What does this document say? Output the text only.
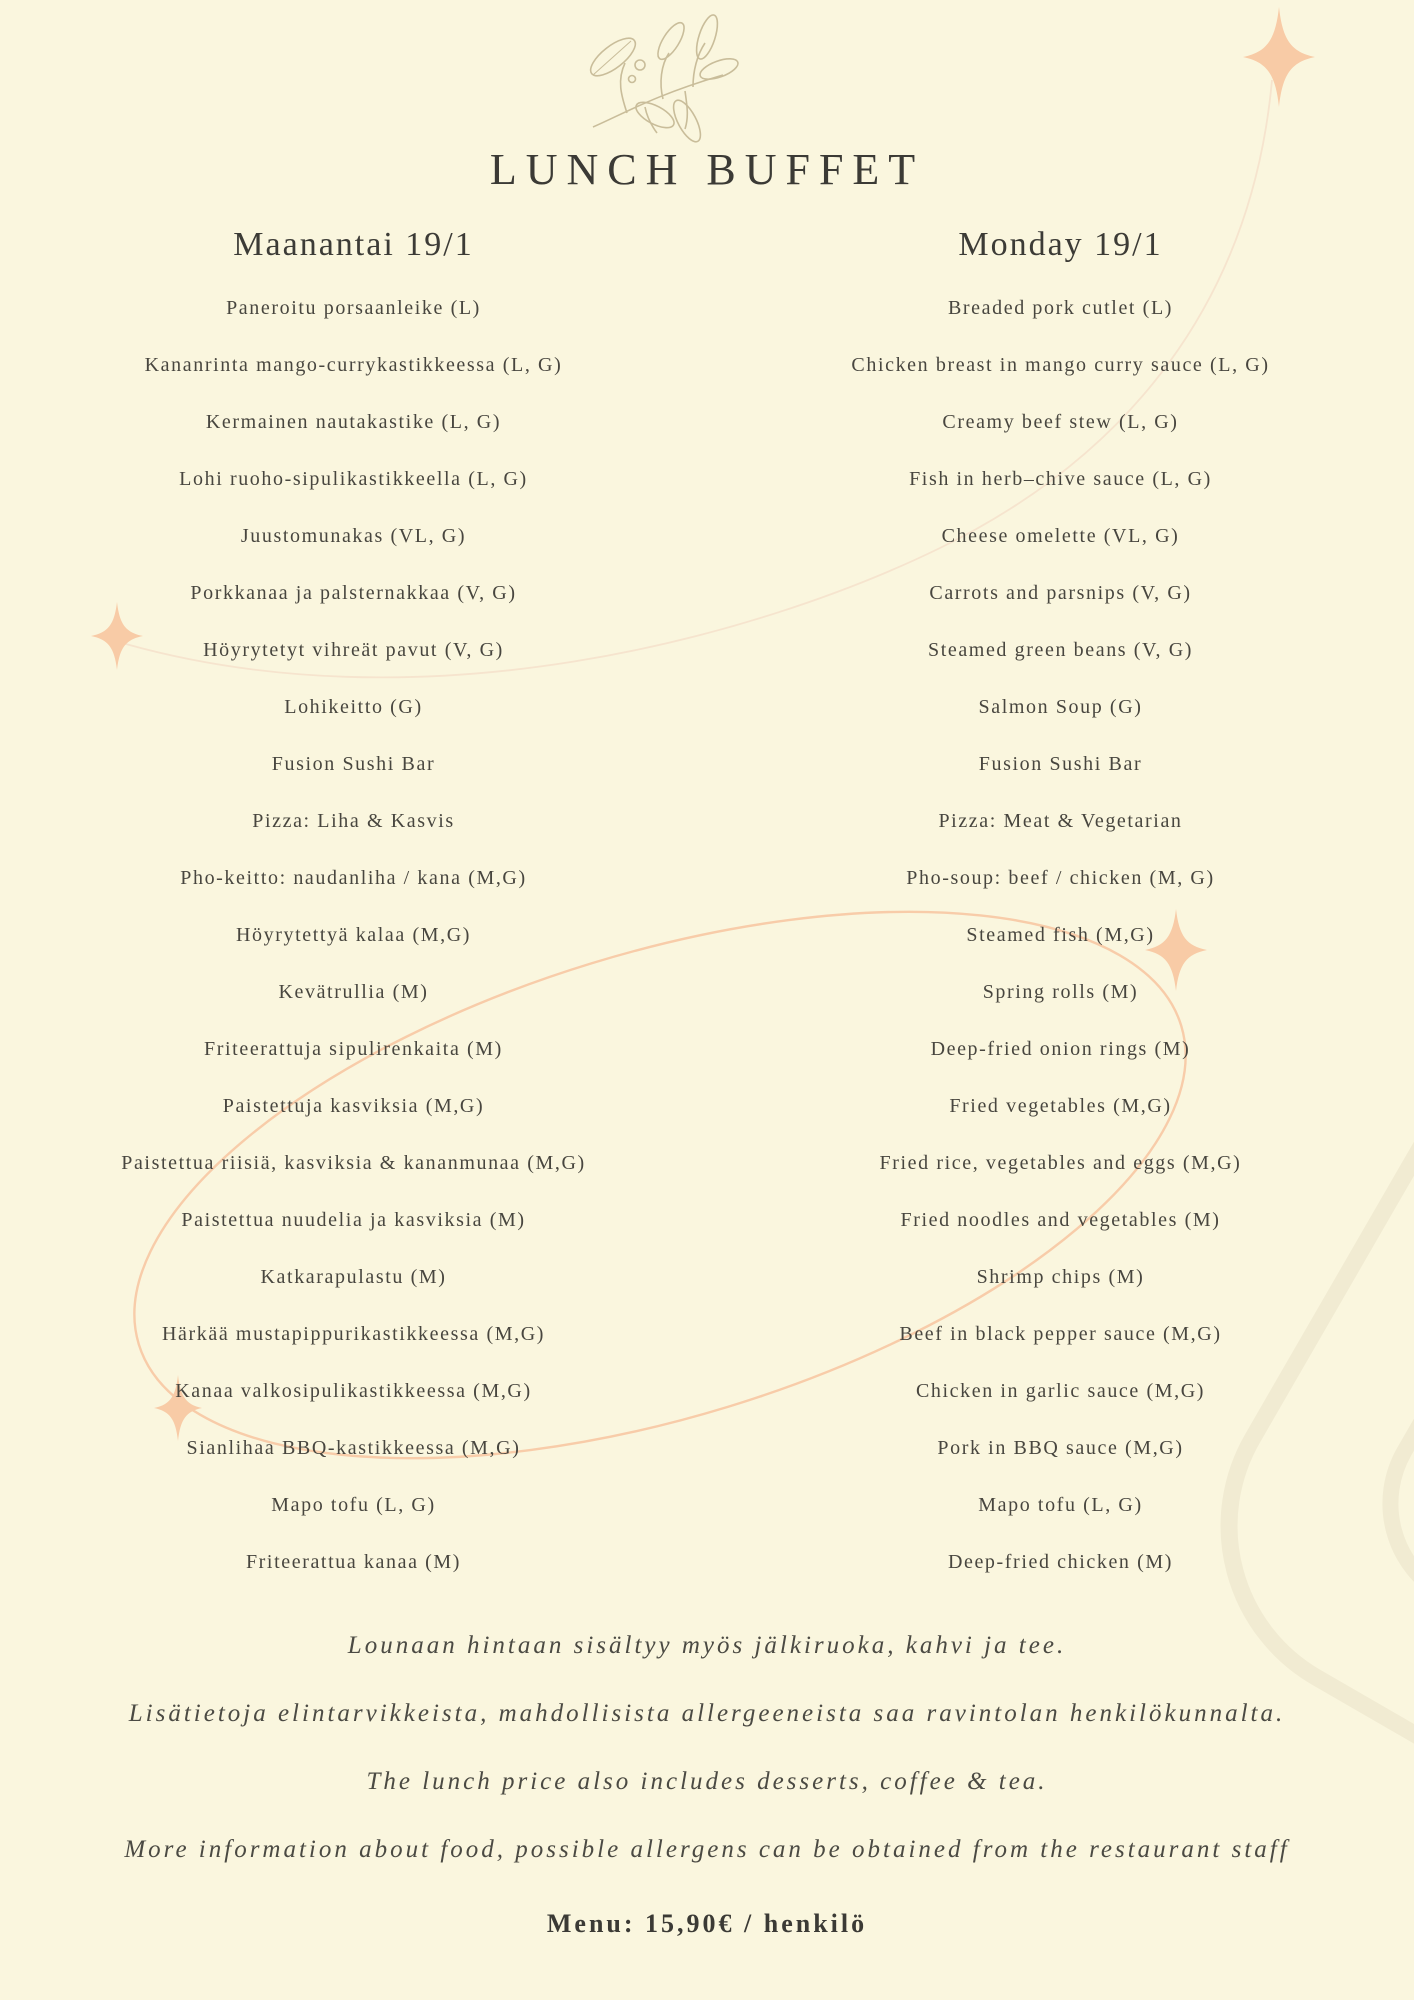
LUNCH BUFFET
Maanantai 19/1
Paneroitu porsaanleike (L)
Kananrinta mango-currykastikkeessa (L, G)
Kermainen nautakastike (L, G)
Lohi ruoho-sipulikastikkeella (L, G)
Juustomunakas (VL, G)
Porkkanaa ja palsternakkaa (V, G)
Höyrytetyt vihreät pavut (V, G)
Lohikeitto (G)
Fusion Sushi Bar
Pizza: Liha & Kasvis
Pho-keitto: naudanliha / kana (M,G)
Höyrytettyä kalaa (M,G)
Kevätrullia (M)
Friteerattuja sipulirenkaita (M)
Paistettuja kasviksia (M,G)
Paistettua riisiä, kasviksia & kananmunaa (M,G)
Paistettua nuudelia ja kasviksia (M)
Katkarapulastu (M)
Härkää mustapippurikastikkeessa (M,G)
Kanaa valkosipulikastikkeessa (M,G)
Sianlihaa BBQ-kastikkeessa (M,G)
Mapo tofu (L, G)
Friteerattua kanaa (M)
Monday 19/1
Breaded pork cutlet (L)
Chicken breast in mango curry sauce (L, G)
Creamy beef stew (L, G)
Fish in herb–chive sauce (L, G)
Cheese omelette (VL, G)
Carrots and parsnips (V, G)
Steamed green beans (V, G)
Salmon Soup (G)
Fusion Sushi Bar
Pizza: Meat & Vegetarian
Pho-soup: beef / chicken (M, G)
Steamed fish (M,G)
Spring rolls (M)
Deep-fried onion rings (M)
Fried vegetables (M,G)
Fried rice, vegetables and eggs (M,G)
Fried noodles and vegetables (M)
Shrimp chips (M)
Beef in black pepper sauce (M,G)
Chicken in garlic sauce (M,G)
Pork in BBQ sauce (M,G)
Mapo tofu (L, G)
Deep-fried chicken (M)
Lounaan hintaan sisältyy myös jälkiruoka, kahvi ja tee.
Lisätietoja elintarvikkeista, mahdollisista allergeeneista saa ravintolan henkilökunnalta.
The lunch price also includes desserts, coffee & tea.
More information about food, possible allergens can be obtained from the restaurant staff
Menu: 15,90€ / henkilö
